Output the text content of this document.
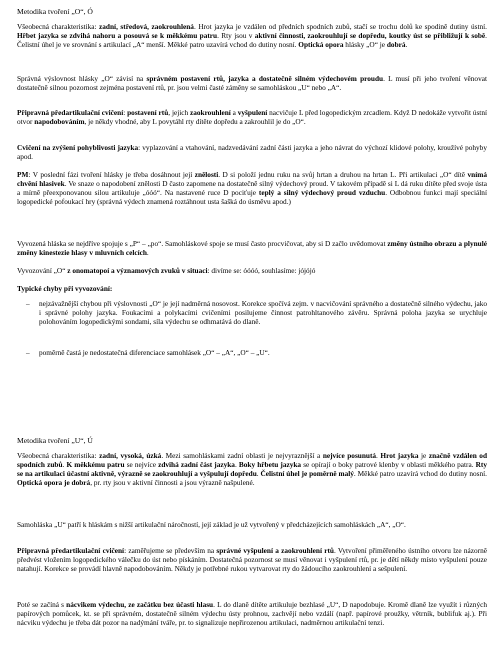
Metodika tvoření „O“, Ó

Všeobecná charakteristika: zadní, středová, zaokrouhlená. Hrot jazyka je vzdálen od předních spodních zubů, stačí se trochu dolů ke spodině dutiny ústní. Hřbet jazyka se zdvihá nahoru a posouvá se k měkkému patru. Rty jsou v aktivní činnosti, zaokrouhlují se dopředu, koutky úst se přibližují k sobě. Čelistní úhel je ve srovnání s artikulací „A“ menší. Měkké patro uzavírá vchod do dutiny nosní. Optická opora hlásky „O“ je dobrá.

Správná výslovnost hlásky „O“ závisí na správném postavení rtů, jazyka a dostatečně silném výdechovém proudu. L musí při jeho tvoření věnovat dostatečně silnou pozornost zejména postavení rtů, pr. jsou velmi časté záměny se samohláskou „U“ nebo „A“.

Připravná předartikulační cvičení: postavení rtů, jejich zaokrouhlení a vyšpulení nacvičuje L před logopedickým zrcadlem. Když D nedokáže vytvořit ústní otvor napodobováním, je někdy vhodné, aby L povytáhl rty dítěte dopředu a zakrouhlil je do „O“.

Cvičení na zvýšení pohyblivosti jazyka: vyplazování a vtahování, nadzvedávání zadní části jazyka a jeho návrat do výchozí klidové polohy, kroužívé pohyby apod.

PM: V poslední fázi tvoření hlásky je třeba dosáhnout její znělosti. D si položí jednu ruku na svůj hrtan a druhou na hrtan L. Při artikulaci „O“ dítě vnímá chvění hlasivek. Ve snaze o napodobení znělosti D často zapomene na dostatečně silný výdechový proud. V takovém případě si L dá ruku dítěte před svoje ústa a mírně přeexponovanou silou artikuluje „óóó“. Na nastavené ruce D pociťuje teplý a silný výdechový proud vzduchu. Odbobnou funkci mají speciální logopedické pofoukací hry (správná výdech znamená roztáhnout usta šašká do úsměvu apod.)

Vyvozená hláska se nejdříve spojuje s „P“ – „po“. Samohláskové spoje se musí často procvičovat, aby si D začlo uvědomovat změny ústního obrazu a plynulé změny kinestezie hlasy v mluvních celcích.

Vyvozování „O“ z onomatopoí a významových zvuků v situaci: divíme se: óóóó, souhlasíme: jójójó

Typické chyby při vyvozování:

–	nejzávažnější chybou při výslovnosti „O“ je její nadměrná nosovost. Korekce spočívá zejm. v nacvičování správného a dostatečně silného výdechu, jako i správné polohy jazyka. Foukacími a polykacími cvičeními posilujeme činnost patrohltanového závěru. Správná poloha jazyka se urychluje polohováním logopedickými sondami, síla výdechu se odhmatává do dlaně.

–	poměrně častá je nedostatečná diferenciace samohlásek „O“ – „A“, „O“ – „U“.

Metodika tvoření „U“, Ú

Všeobecná charakteristika: zadní, vysoká, úzká. Mezi samohláskami zadní oblasti je nejvyraznější a nejvíce posunutá. Hrot jazyka je značně vzdálen od spodních zubů. K měkkému patru se nejvíce zdvihá zadní část jazyka. Boky hřbetu jazyka se opírají o boky patrové klenby v oblasti měkkého patra. Rty se na artikulaci účastní aktivně, výrazně se zaokrouhlují a vyšpulují dopředu. Čelistní úhel je poměrně malý. Měkké patro uzavírá vchod do dutiny nosní. Optická opora je dobrá, pr. rty jsou v aktivní činnosti a jsou výrazně našpulené.

Samohláska „U“ patří k hláskám s nižší artikulační náročností, její základ je už vytvořený v předcházejících samohláskách „A“, „O“.

Připravná předartikulační cvičení: zaměřujeme se především na správné vyšpulení a zaokrouhlení rtů. Vytvoření přiměřeného ústního otvoru lze názorně předvést vložením logopedického válečku do úst nebo pískáním. Dostatečná pozornost se musí věnovat i vyšpulení rtů, pr. je dětí někdy místo vyšpulení pouze natahují. Korekce se provádí hlavně napodobováním. Někdy je potřebné rukou vytvarovat rty do žádoucího zaokrouhlení a sešpulení.

Poté se začíná s nácvikem výdechu, ze začátku bez účasti hlasu. L do dlaně dítěte artikuluje bezhlasé „U“, D napodobuje. Kromě dlaně lze využít i různých papírových pomůcek, kt. se při správném, dostatečně silném výdechu ústy prohnou, zachvějí nebo vzdálí (např. papírové proužky, větrník, bublifuk aj.). Při nácviku výdechu je třeba dát pozor na nadýmání tváře, pr. to signalizuje nepřirozenou artikulaci, nadměrnou artikulační tenzi.
